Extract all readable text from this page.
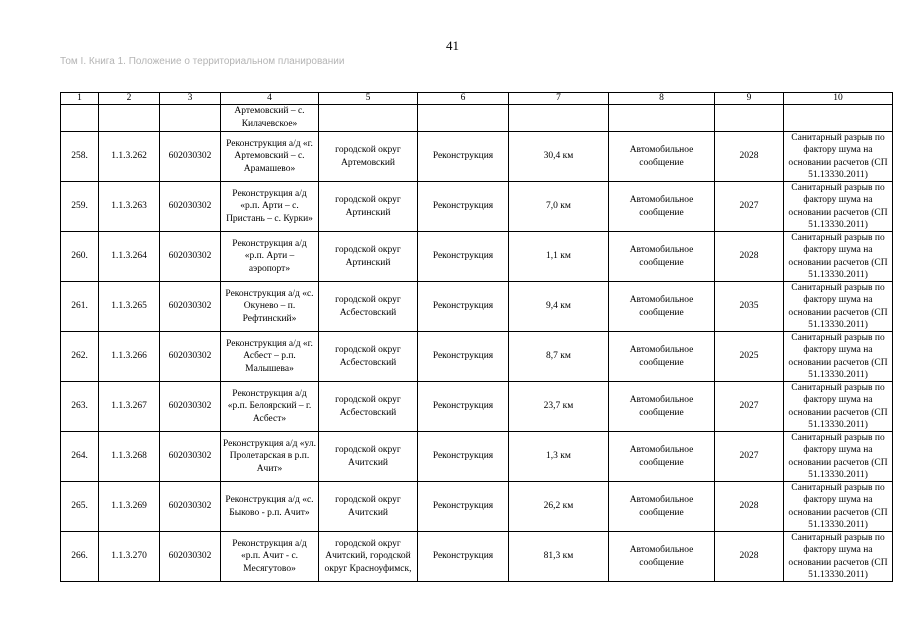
41
Том I. Книга 1. Положение о территориальном планировании
1	2	3	4	5	6	7	8	9	10
			Артемовский – с. Килачевское»						
258.	1.1.3.262	602030302	Реконструкция а/д «г. Артемовский – с. Арамашево»	городской округ Артемовский	Реконструкция	30,4 км	Автомобильное сообщение	2028	Санитарный разрыв по фактору шума на основании расчетов (СП 51.13330.2011)
259.	1.1.3.263	602030302	Реконструкция а/д «р.п. Арти – с. Пристань – с. Курки»	городской округ Артинский	Реконструкция	7,0 км	Автомобильное сообщение	2027	Санитарный разрыв по фактору шума на основании расчетов (СП 51.13330.2011)
260.	1.1.3.264	602030302	Реконструкция а/д «р.п. Арти – аэропорт»	городской округ Артинский	Реконструкция	1,1 км	Автомобильное сообщение	2028	Санитарный разрыв по фактору шума на основании расчетов (СП 51.13330.2011)
261.	1.1.3.265	602030302	Реконструкция а/д «с. Окунево – п. Рефтинский»	городской округ Асбестовский	Реконструкция	9,4 км	Автомобильное сообщение	2035	Санитарный разрыв по фактору шума на основании расчетов (СП 51.13330.2011)
262.	1.1.3.266	602030302	Реконструкция а/д «г. Асбест – р.п. Малышева»	городской округ Асбестовский	Реконструкция	8,7 км	Автомобильное сообщение	2025	Санитарный разрыв по фактору шума на основании расчетов (СП 51.13330.2011)
263.	1.1.3.267	602030302	Реконструкция а/д «р.п. Белоярский – г. Асбест»	городской округ Асбестовский	Реконструкция	23,7 км	Автомобильное сообщение	2027	Санитарный разрыв по фактору шума на основании расчетов (СП 51.13330.2011)
264.	1.1.3.268	602030302	Реконструкция а/д «ул. Пролетарская в р.п. Ачит»	городской округ Ачитский	Реконструкция	1,3 км	Автомобильное сообщение	2027	Санитарный разрыв по фактору шума на основании расчетов (СП 51.13330.2011)
265.	1.1.3.269	602030302	Реконструкция а/д «с. Быково - р.п. Ачит»	городской округ Ачитский	Реконструкция	26,2 км	Автомобильное сообщение	2028	Санитарный разрыв по фактору шума на основании расчетов (СП 51.13330.2011)
266.	1.1.3.270	602030302	Реконструкция а/д «р.п. Ачит - с. Месягутово»	городской округ Ачитский, городской округ Красноуфимск,	Реконструкция	81,3 км	Автомобильное сообщение	2028	Санитарный разрыв по фактору шума на основании расчетов (СП 51.13330.2011)
